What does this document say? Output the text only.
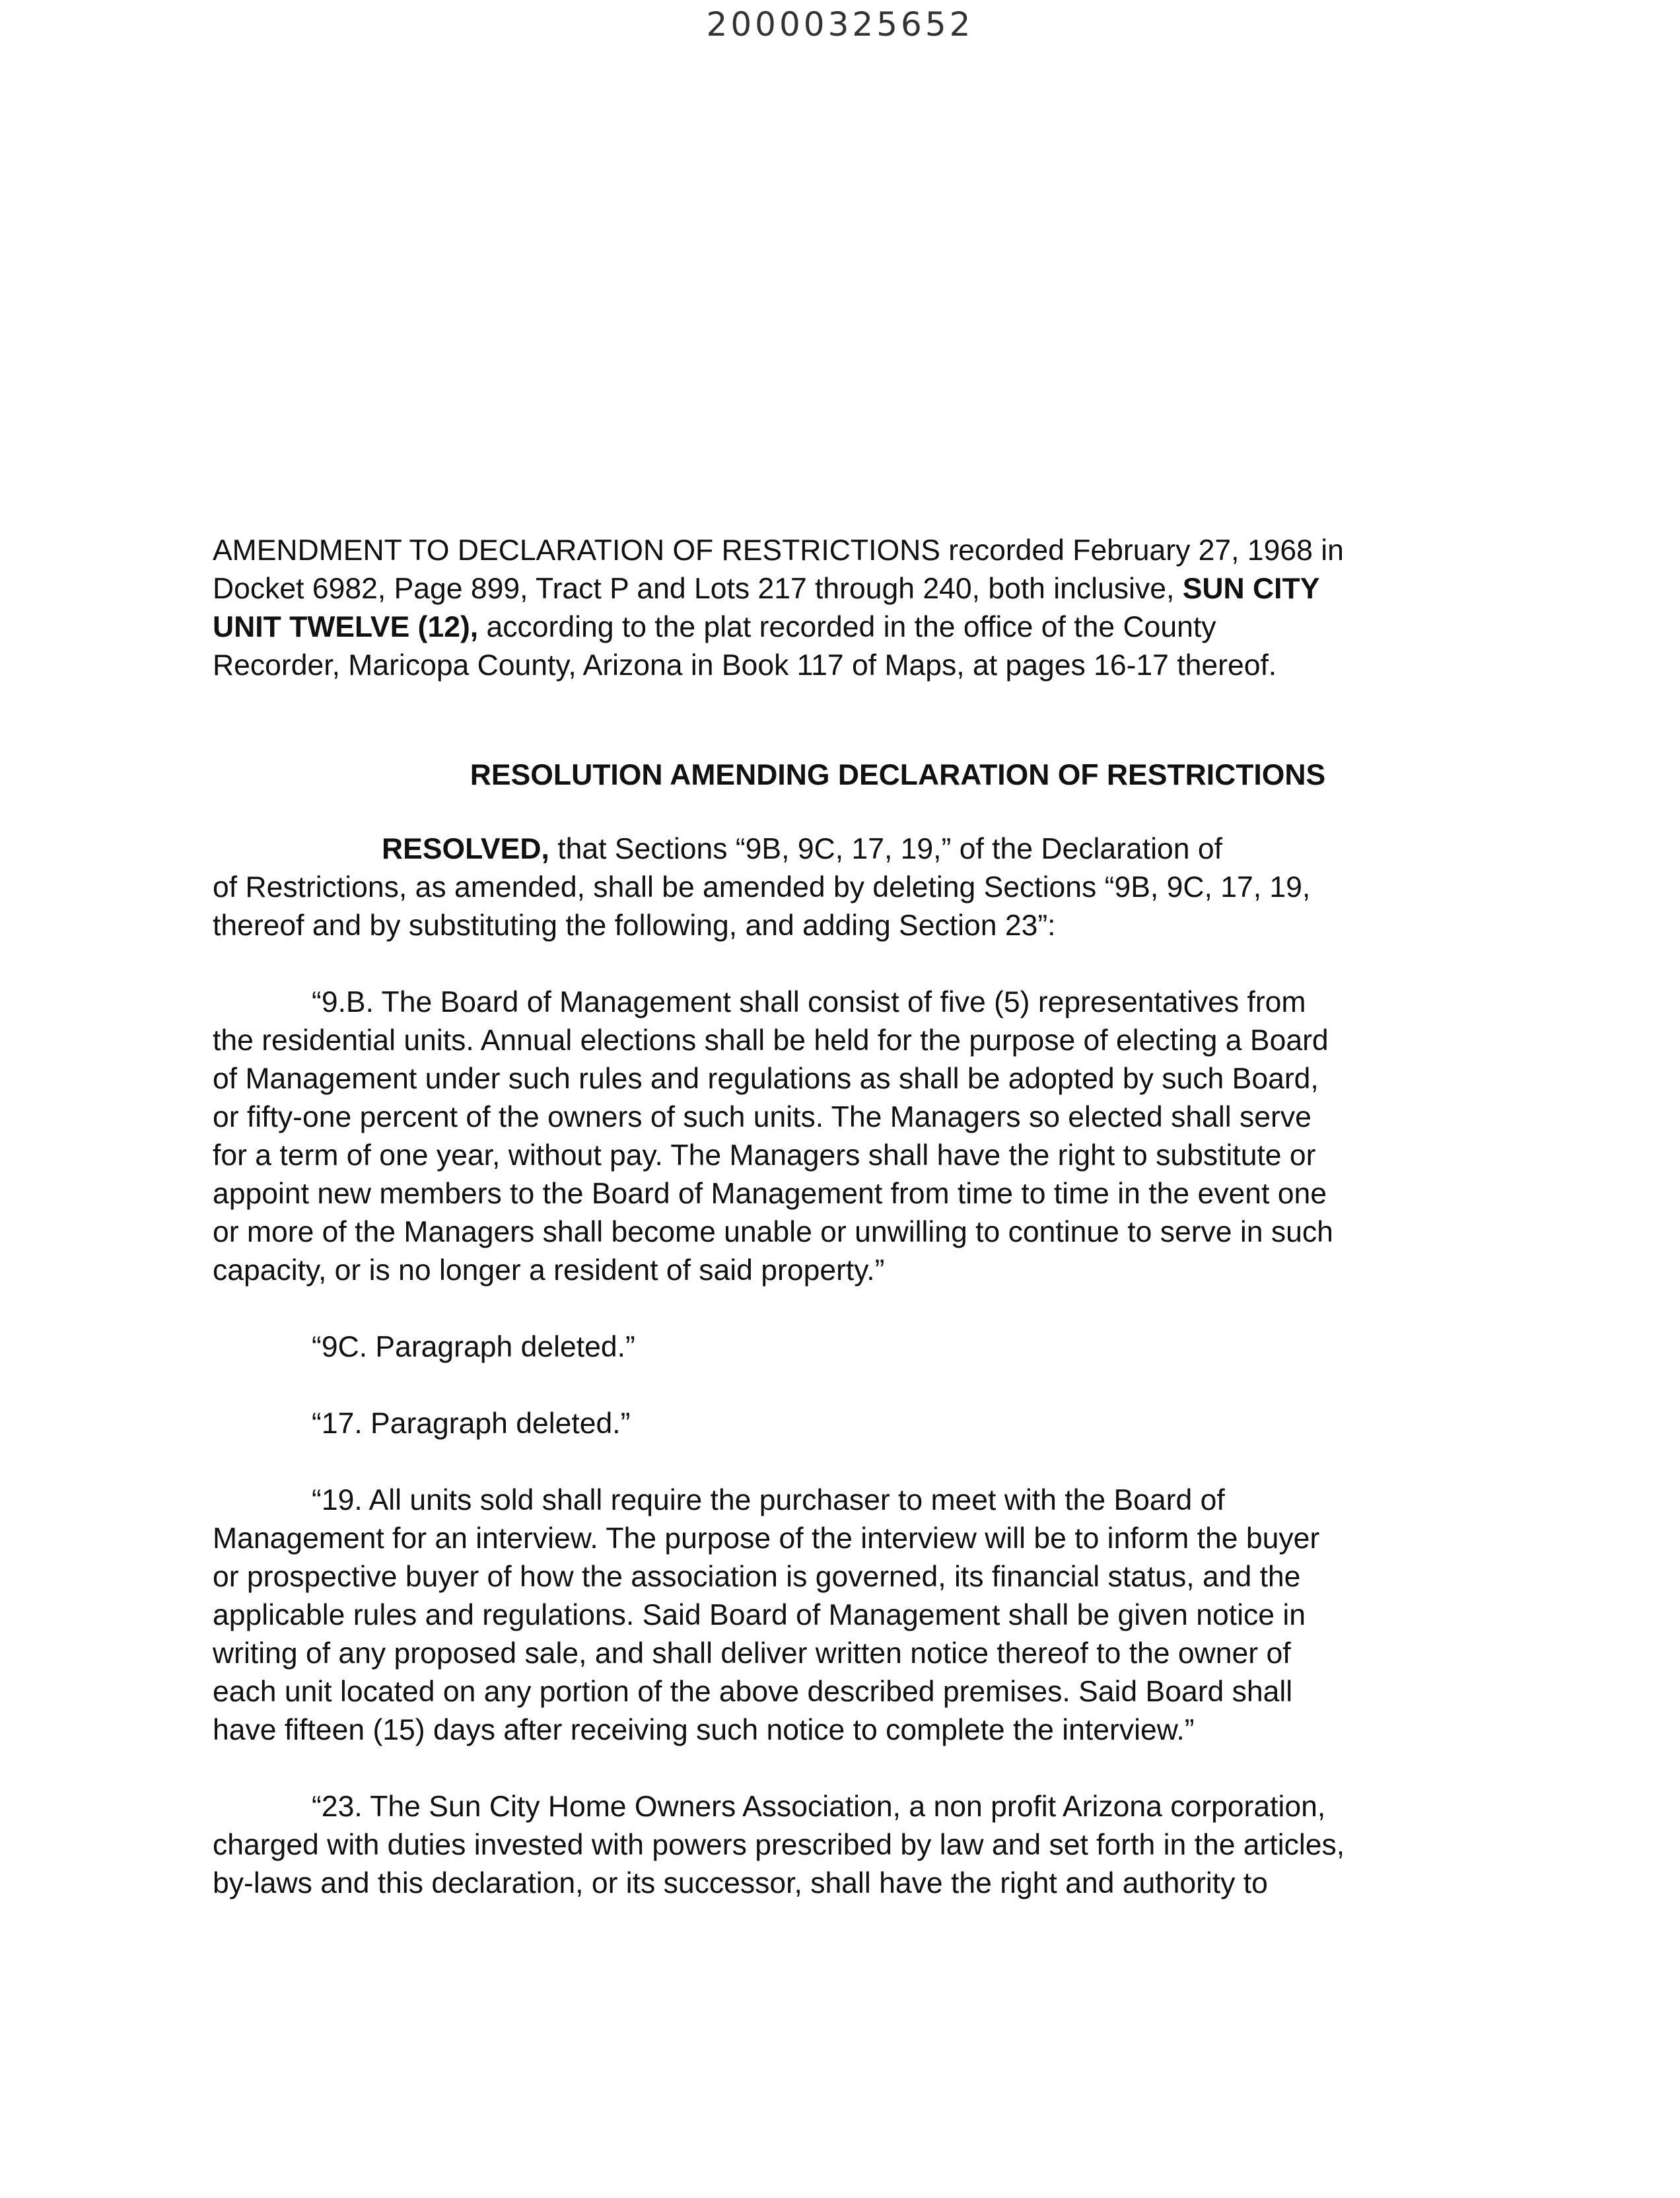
20000325652

AMENDMENT TO DECLARATION OF RESTRICTIONS recorded February 27, 1968 in
Docket 6982, Page 899, Tract P and Lots 217 through 240, both inclusive, SUN CITY
UNIT TWELVE (12), according to the plat recorded in the office of the County
Recorder, Maricopa County, Arizona in Book 117 of Maps, at pages 16-17 thereof.

RESOLUTION AMENDING DECLARATION OF RESTRICTIONS

RESOLVED, that Sections “9B, 9C, 17, 19,” of the Declaration of
of Restrictions, as amended, shall be amended by deleting Sections “9B, 9C, 17, 19,
thereof and by substituting the following, and adding Section 23”:

“9.B. The Board of Management shall consist of five (5) representatives from
the residential units. Annual elections shall be held for the purpose of electing a Board
of Management under such rules and regulations as shall be adopted by such Board,
or fifty-one percent of the owners of such units. The Managers so elected shall serve
for a term of one year, without pay. The Managers shall have the right to substitute or
appoint new members to the Board of Management from time to time in the event one
or more of the Managers shall become unable or unwilling to continue to serve in such
capacity, or is no longer a resident of said property.”

“9C. Paragraph deleted.”

“17. Paragraph deleted.”

“19. All units sold shall require the purchaser to meet with the Board of
Management for an interview. The purpose of the interview will be to inform the buyer
or prospective buyer of how the association is governed, its financial status, and the
applicable rules and regulations. Said Board of Management shall be given notice in
writing of any proposed sale, and shall deliver written notice thereof to the owner of
each unit located on any portion of the above described premises. Said Board shall
have fifteen (15) days after receiving such notice to complete the interview.”

“23. The Sun City Home Owners Association, a non profit Arizona corporation,
charged with duties invested with powers prescribed by law and set forth in the articles,
by-laws and this declaration, or its successor, shall have the right and authority to
